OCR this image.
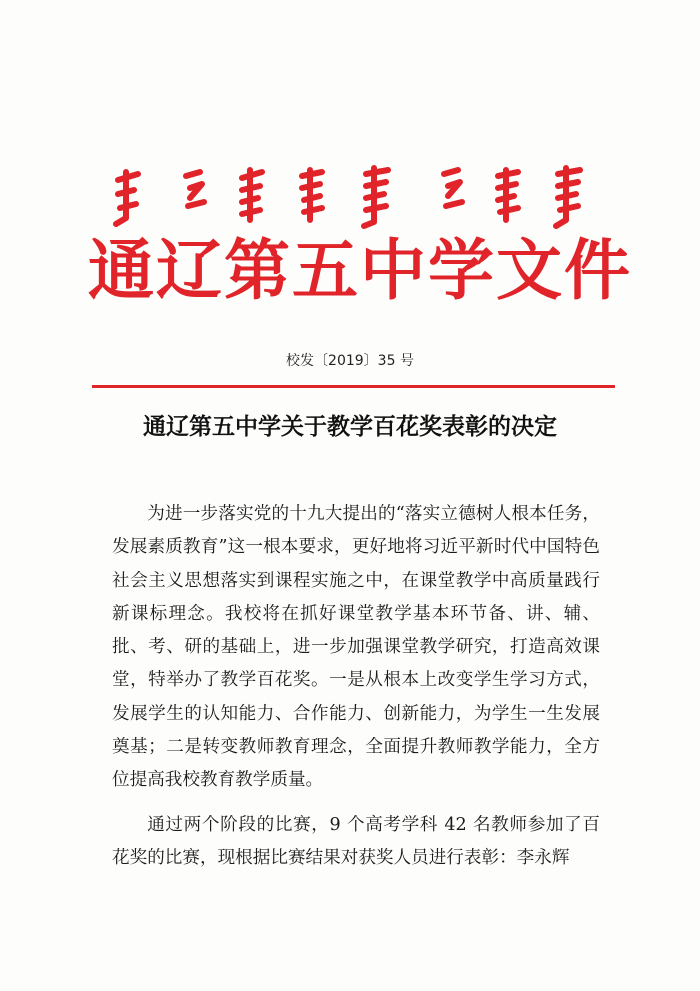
通辽第五中学文件
校发〔2019〕35 号
通辽第五中学关于教学百花奖表彰的决定

为进一步落实党的十九大提出的“落实立德树人根本任务，发展素质教育”这一根本要求，更好地将习近平新时代中国特色社会主义思想落实到课程实施之中，在课堂教学中高质量践行新课标理念。我校将在抓好课堂教学基本环节备、讲、辅、批、考、研的基础上，进一步加强课堂教学研究，打造高效课堂，特举办了教学百花奖。一是从根本上改变学生学习方式，发展学生的认知能力、合作能力、创新能力，为学生一生发展奠基；二是转变教师教育理念，全面提升教师教学能力，全方位提高我校教育教学质量。

通过两个阶段的比赛，9 个高考学科 42 名教师参加了百花奖的比赛，现根据比赛结果对获奖人员进行表彰：李永辉
